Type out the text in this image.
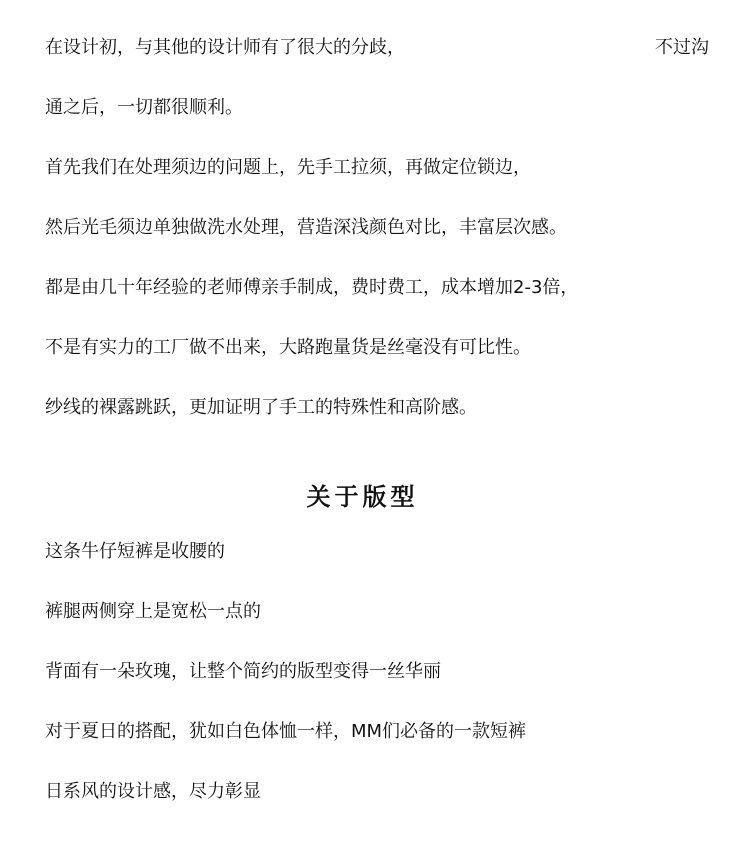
在设计初，与其他的设计师有了很大的分歧，	不过沟

通之后，一切都很顺利。

首先我们在处理须边的问题上，先手工拉须，再做定位锁边，

然后光毛须边单独做洗水处理，营造深浅颜色对比，丰富层次感。

都是由几十年经验的老师傅亲手制成，费时费工，成本增加2-3倍，

不是有实力的工厂做不出来，大路跑量货是丝毫没有可比性。

纱线的裸露跳跃，更加证明了手工的特殊性和高阶感。

关于版型

这条牛仔短裤是收腰的

裤腿两侧穿上是宽松一点的

背面有一朵玫瑰，让整个简约的版型变得一丝华丽

对于夏日的搭配，犹如白色体恤一样，MM们必备的一款短裤

日系风的设计感，尽力彰显
